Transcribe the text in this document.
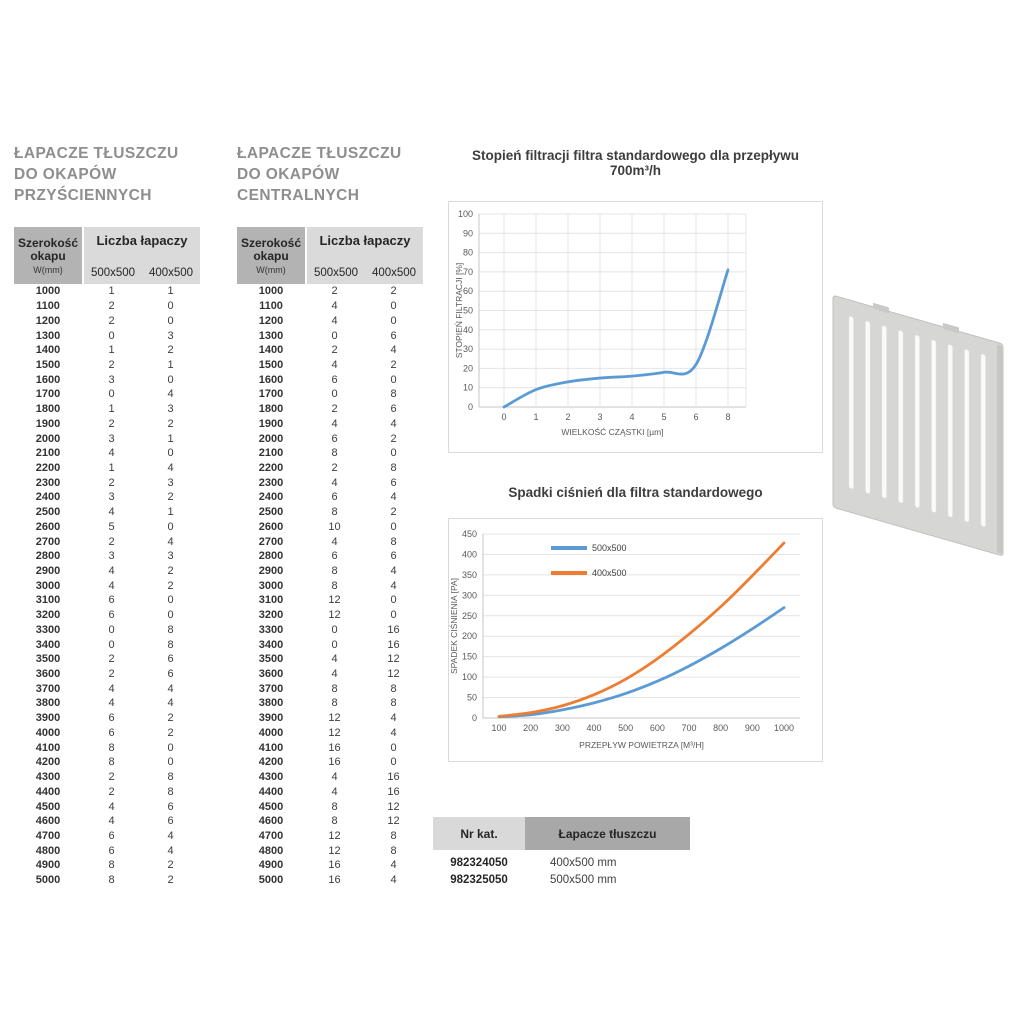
ŁAPACZE TŁUSZCZU
DO OKAPÓW
PRZYŚCIENNYCH
Szerokość okapu
W(mm)
Liczba łapaczy
500x500	400x500
1000	1	1
1100	2	0
1200	2	0
1300	0	3
1400	1	2
1500	2	1
1600	3	0
1700	0	4
1800	1	3
1900	2	2
2000	3	1
2100	4	0
2200	1	4
2300	2	3
2400	3	2
2500	4	1
2600	5	0
2700	2	4
2800	3	3
2900	4	2
3000	4	2
3100	6	0
3200	6	0
3300	0	8
3400	0	8
3500	2	6
3600	2	6
3700	4	4
3800	4	4
3900	6	2
4000	6	2
4100	8	0
4200	8	0
4300	2	8
4400	2	8
4500	4	6
4600	4	6
4700	6	4
4800	6	4
4900	8	2
5000	8	2
ŁAPACZE TŁUSZCZU
DO OKAPÓW
CENTRALNYCH
Szerokość okapu
W(mm)
Liczba łapaczy
500x500	400x500
1000	2	2
1100	4	0
1200	4	0
1300	0	6
1400	2	4
1500	4	2
1600	6	0
1700	0	8
1800	2	6
1900	4	4
2000	6	2
2100	8	0
2200	2	8
2300	4	6
2400	6	4
2500	8	2
2600	10	0
2700	4	8
2800	6	6
2900	8	4
3000	8	4
3100	12	0
3200	12	0
3300	0	16
3400	0	16
3500	4	12
3600	4	12
3700	8	8
3800	8	8
3900	12	4
4000	12	4
4100	16	0
4200	16	0
4300	4	16
4400	4	16
4500	8	12
4600	8	12
4700	12	8
4800	12	8
4900	16	4
5000	16	4
Stopień filtracji filtra standardowego dla przepływu 700m³/h
0
10
20
30
40
50
60
70
80
90
100
0	1	2	3	4	5	6	8
WIELKOŚĆ CZĄSTKI [µm]
STOPIEŃ FILTRACJI [%]
Spadki ciśnień dla filtra standardowego
0
50
100
150
200
250
300
350
400
450
100 200 300 400 500 600 700 800 900 1000
PRZEPŁYW POWIETRZA [M³/H]
SPADEK CIŚNIENIA [PA]
500x500
400x500
Nr kat.	Łapacze tłuszczu
982324050	400x500 mm
982325050	500x500 mm
